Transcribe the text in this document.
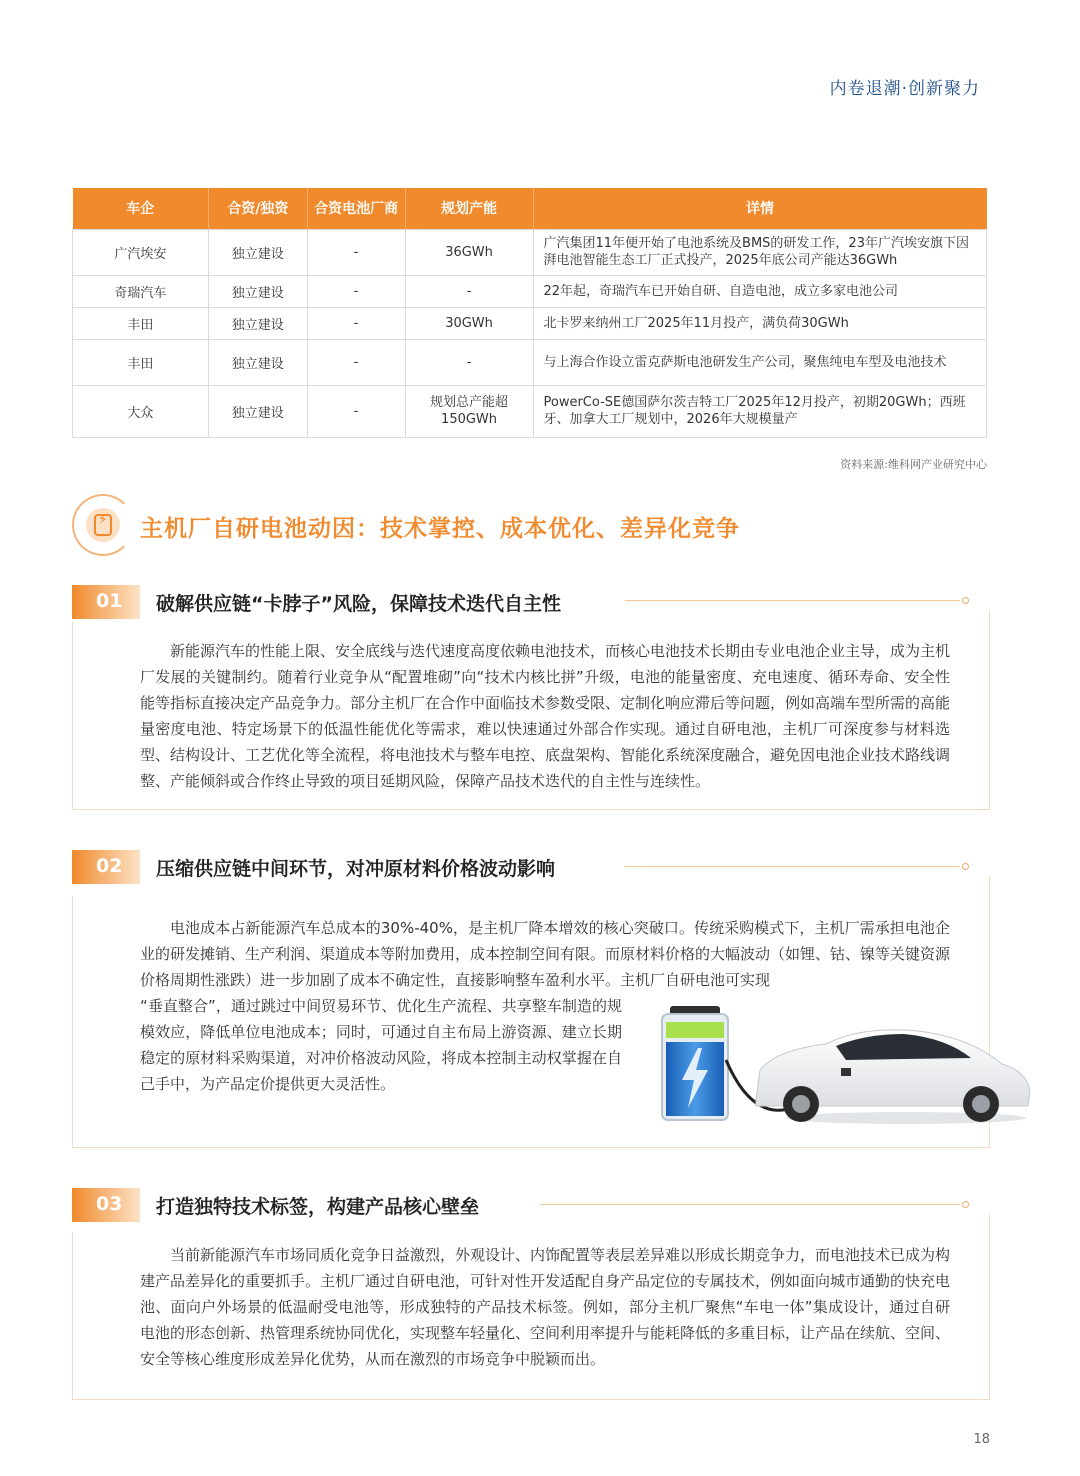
内卷退潮·创新聚力
车企	合资/独资	合资电池厂商	规划产能	详情
广汽埃安	独立建设	-	36GWh	广汽集团11年便开始了电池系统及BMS的研发工作，23年广汽埃安旗下因湃电池智能生态工厂正式投产，2025年底公司产能达36GWh
奇瑞汽车	独立建设	-	-	22年起，奇瑞汽车已开始自研、自造电池，成立多家电池公司
丰田	独立建设	-	30GWh	北卡罗来纳州工厂2025年11月投产，满负荷30GWh
丰田	独立建设	-	-	与上海合作设立雷克萨斯电池研发生产公司，聚焦纯电车型及电池技术
大众	独立建设	-	规划总产能超150GWh	PowerCo-SE德国萨尔茨吉特工厂2025年12月投产，初期20GWh；西班牙、加拿大工厂规划中，2026年大规模量产
资料来源:维科网产业研究中心
⚡ 主机厂自研电池动因：技术掌控、成本优化、差异化竞争
01 破解供应链“卡脖子”风险，保障技术迭代自主性
新能源汽车的性能上限、安全底线与迭代速度高度依赖电池技术，而核心电池技术长期由专业电池企业主导，成为主机厂发展的关键制约。随着行业竞争从“配置堆砌”向“技术内核比拼”升级，电池的能量密度、充电速度、循环寿命、安全性能等指标直接决定产品竞争力。部分主机厂在合作中面临技术参数受限、定制化响应滞后等问题，例如高端车型所需的高能量密度电池、特定场景下的低温性能优化等需求，难以快速通过外部合作实现。通过自研电池，主机厂可深度参与材料选型、结构设计、工艺优化等全流程，将电池技术与整车电控、底盘架构、智能化系统深度融合，避免因电池企业技术路线调整、产能倾斜或合作终止导致的项目延期风险，保障产品技术迭代的自主性与连续性。
02 压缩供应链中间环节，对冲原材料价格波动影响
电池成本占新能源汽车总成本的30%-40%，是主机厂降本增效的核心突破口。传统采购模式下，主机厂需承担电池企业的研发摊销、生产利润、渠道成本等附加费用，成本控制空间有限。而原材料价格的大幅波动（如锂、钴、镍等关键资源价格周期性涨跌）进一步加剧了成本不确定性，直接影响整车盈利水平。主机厂自研电池可实现
“垂直整合”，通过跳过中间贸易环节、优化生产流程、共享整车制造的规模效应，降低单位电池成本；同时，可通过自主布局上游资源、建立长期稳定的原材料采购渠道，对冲价格波动风险，将成本控制主动权掌握在自己手中，为产品定价提供更大灵活性。
03 打造独特技术标签，构建产品核心壁垒
当前新能源汽车市场同质化竞争日益激烈，外观设计、内饰配置等表层差异难以形成长期竞争力，而电池技术已成为构建产品差异化的重要抓手。主机厂通过自研电池，可针对性开发适配自身产品定位的专属技术，例如面向城市通勤的快充电池、面向户外场景的低温耐受电池等，形成独特的产品技术标签。例如，部分主机厂聚焦“车电一体”集成设计，通过自研电池的形态创新、热管理系统协同优化，实现整车轻量化、空间利用率提升与能耗降低的多重目标，让产品在续航、空间、安全等核心维度形成差异化优势，从而在激烈的市场竞争中脱颖而出。
18
